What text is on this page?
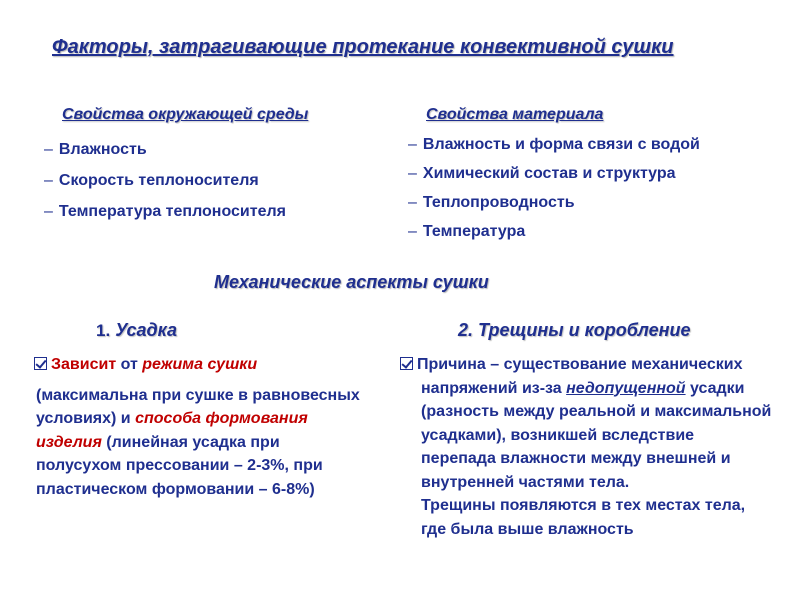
Факторы, затрагивающие протекание конвективной сушки
Свойства окружающей среды
– Влажность
– Скорость теплоносителя
– Температура теплоносителя
Свойства материала
– Влажность и форма связи с водой
– Химический состав и структура
– Теплопроводность
– Температура
Механические аспекты сушки
1. Усадка
Зависит от режима сушки
(максимальна при сушке в равновесных
условиях) и способа формования
изделия (линейная усадка при
полусухом прессовании – 2-3%, при
пластическом формовании – 6-8%)
2. Трещины и коробление
Причина – существование механических
напряжений из-за недопущенной усадки
(разность между реальной и максимальной
усадками), возникшей вследствие
перепада влажности между внешней и
внутренней частями тела.
Трещины появляются в тех местах тела,
где была выше влажность
